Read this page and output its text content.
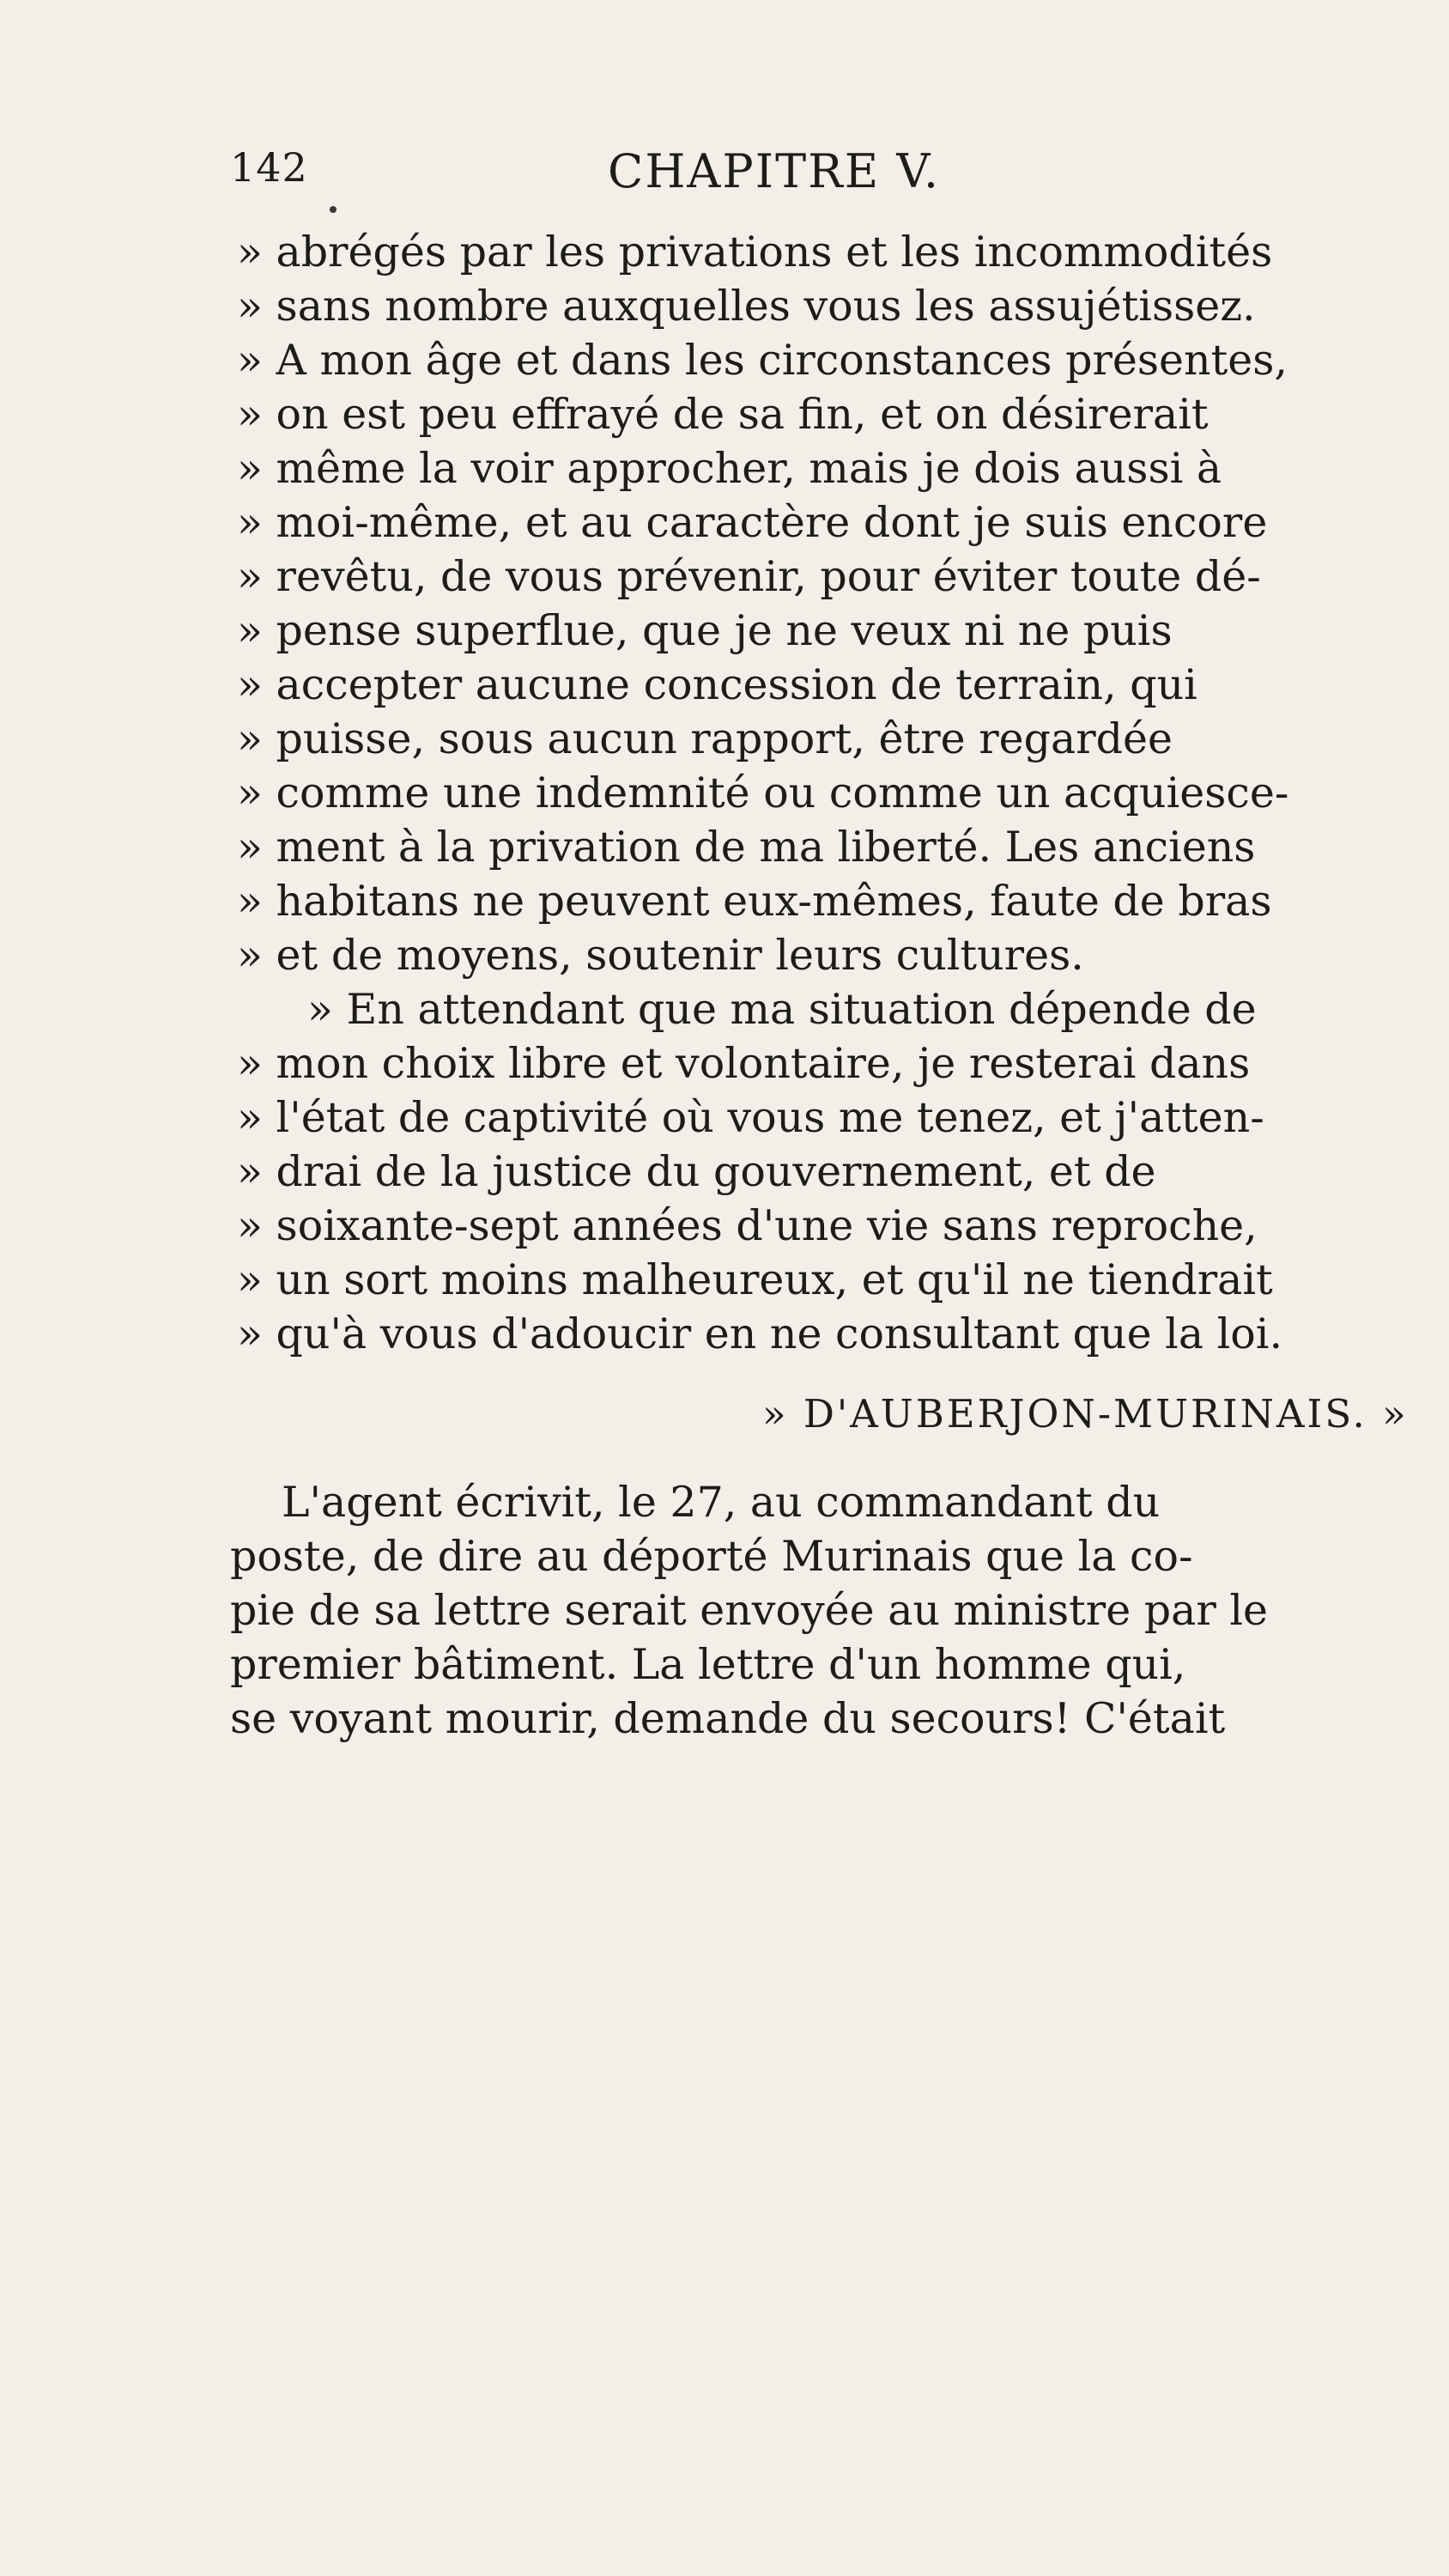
142	CHAPITRE V.
» abrégés par les privations et les incommodités
» sans nombre auxquelles vous les assujétissez.
» A mon âge et dans les circonstances présentes,
» on est peu effrayé de sa fin, et on désirerait
» même la voir approcher, mais je dois aussi à
» moi-même, et au caractère dont je suis encore
» revêtu, de vous prévenir, pour éviter toute dé-
» pense superflue, que je ne veux ni ne puis
» accepter aucune concession de terrain, qui
» puisse, sous aucun rapport, être regardée
» comme une indemnité ou comme un acquiesce-
» ment à la privation de ma liberté. Les anciens
» habitans ne peuvent eux-mêmes, faute de bras
» et de moyens, soutenir leurs cultures.
» En attendant que ma situation dépende de
» mon choix libre et volontaire, je resterai dans
» l'état de captivité où vous me tenez, et j'atten-
» drai de la justice du gouvernement, et de
» soixante-sept années d'une vie sans reproche,
» un sort moins malheureux, et qu'il ne tiendrait
» qu'à vous d'adoucir en ne consultant que la loi.
» D'AUBERJON-MURINAIS. »
L'agent écrivit, le 27, au commandant du
poste, de dire au déporté Murinais que la co-
pie de sa lettre serait envoyée au ministre par le
premier bâtiment. La lettre d'un homme qui,
se voyant mourir, demande du secours! C'était
